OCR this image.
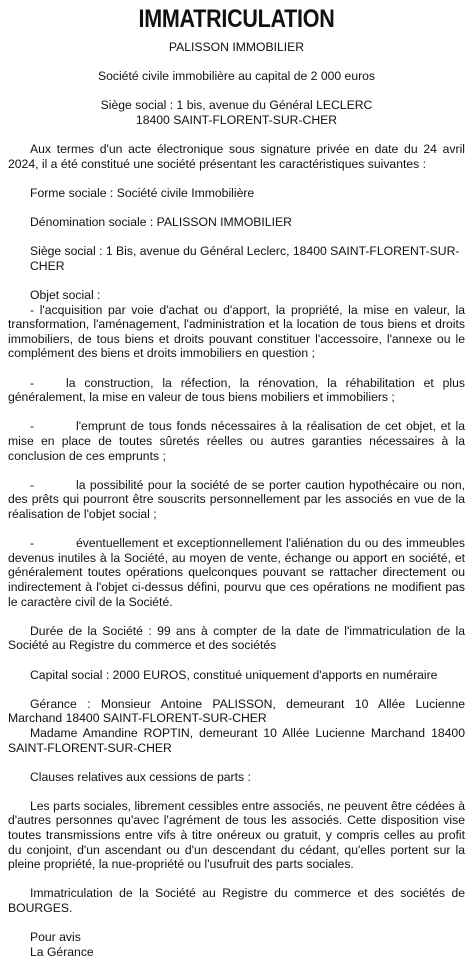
IMMATRICULATION
PALISSON IMMOBILIER
Société civile immobilière au capital de 2 000 euros
Siège social : 1 bis, avenue du Général LECLERC
18400 SAINT-FLORENT-SUR-CHER
Aux termes d'un acte électronique sous signature privée en date du 24 avril 2024, il a été constitué une société présentant les caractéristiques suivantes :
Forme sociale : Société civile Immobilière
Dénomination sociale : PALISSON IMMOBILIER
Siège social : 1 Bis, avenue du Général Leclerc, 18400 SAINT-FLORENT-SUR-CHER
Objet social :
- l'acquisition par voie d'achat ou d'apport, la propriété, la mise en valeur, la transformation, l'aménagement, l'administration et la location de tous biens et droits immobiliers, de tous biens et droits pouvant constituer l'accessoire, l'annexe ou le complément des biens et droits immobiliers en question ;
-	la construction, la réfection, la rénovation, la réhabilitation et plus généralement, la mise en valeur de tous biens mobiliers et immobiliers ;
-	l'emprunt de tous fonds nécessaires à la réalisation de cet objet, et la mise en place de toutes sûretés réelles ou autres garanties nécessaires à la conclusion de ces emprunts ;
-	la possibilité pour la société de se porter caution hypothécaire ou non, des prêts qui pourront être souscrits personnellement par les associés en vue de la réalisation de l'objet social ;
-	éventuellement et exceptionnellement l'aliénation du ou des immeubles devenus inutiles à la Société, au moyen de vente, échange ou apport en société, et généralement toutes opérations quelconques pouvant se rattacher directement ou indirectement à l'objet ci-dessus défini, pourvu que ces opérations ne modifient pas le caractère civil de la Société.
Durée de la Société : 99 ans à compter de la date de l'immatriculation de la Société au Registre du commerce et des sociétés
Capital social : 2000 EUROS, constitué uniquement d'apports en numéraire
Gérance : Monsieur Antoine PALISSON, demeurant 10 Allée Lucienne Marchand 18400 SAINT-FLORENT-SUR-CHER
Madame Amandine ROPTIN, demeurant 10 Allée Lucienne Marchand 18400 SAINT-FLORENT-SUR-CHER
Clauses relatives aux cessions de parts :
Les parts sociales, librement cessibles entre associés, ne peuvent être cédées à d'autres personnes qu'avec l'agrément de tous les associés. Cette disposition vise toutes transmissions entre vifs à titre onéreux ou gratuit, y compris celles au profit du conjoint, d'un ascendant ou d'un descendant du cédant, qu'elles portent sur la pleine propriété, la nue-propriété ou l'usufruit des parts sociales.
Immatriculation de la Société au Registre du commerce et des sociétés de BOURGES.
Pour avis
La Gérance
